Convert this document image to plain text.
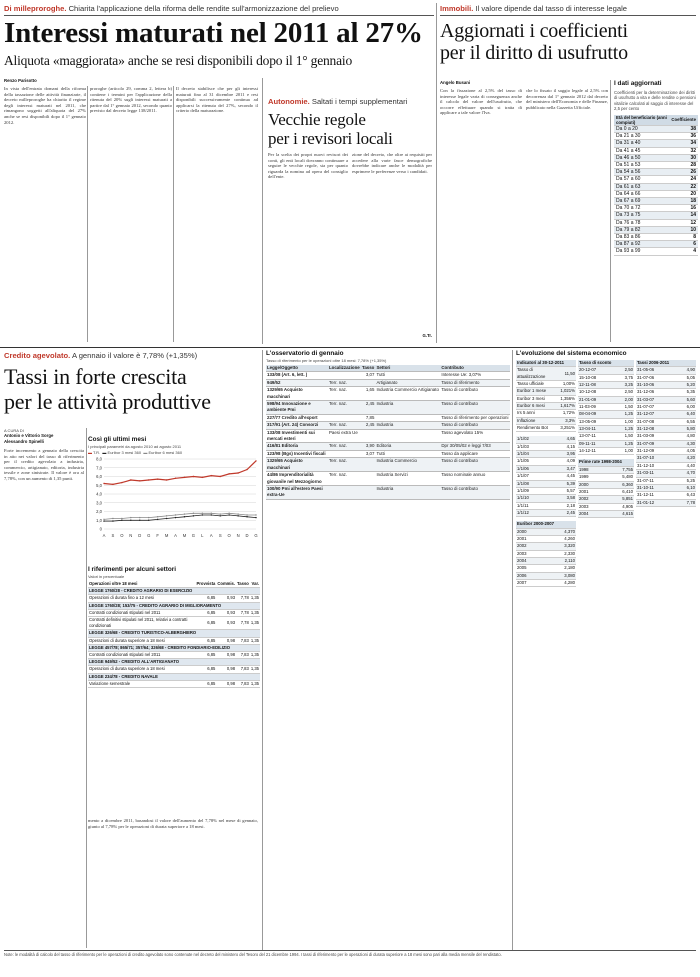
Di milleproroghe. Chiarita l'applicazione della riforma delle rendite sull'armonizzazione del prelievo
Interessi maturati nel 2011 al 27%
Aliquota «maggiorata» anche se resi disponibili dopo il 1° gennaio
Renzo Parisotto
In vista dell'entrata domani della riforma della tassazione delle attività finanziarie, il decreto milleproroghe ha chiarito il regime degli interessi maturati nel 2011, che rimangono soggetti all'aliquota del 27% anche se resi disponibili dopo il 1° gennaio 2012.
proroghe (articolo 29, comma 2, lettera b) contiene i termini per l'applicazione della ritenuta del 20% sugli interessi maturati a partire dal 1° gennaio 2012, secondo quanto previsto dal decreto legge 138/2011.
Il decreto stabilisce che per gli interessi maturati fino al 31 dicembre 2011 e resi disponibili successivamente continua ad applicarsi la ritenuta del 27%, secondo il criterio della maturazione.
Autonomie. Saltati i tempi supplementari
Vecchie regole
per i revisori locali
Per la scelta dei propri nuovi revisori dei conti, gli enti locali dovranno continuare a seguire le vecchie regole, sia per quanto riguarda la nomina ad opera del consiglio dell'ente.
zione del decreto, che oltre ai requisiti per accedere alla varie fasce demografiche dovrebbe indicare anche le modalità per esprimere le preferenze verso i candidati.
G.Tr.
Immobili. Il valore dipende dal tasso di interesse legale
Aggiornati i coefficienti
per il diritto di usufrutto
Angelo Busani
Con la fissazione al 2,5% del tasso di interesse legale varia di conseguenza anche il calcolo del valore dell'usufrutto, che occorre effettuare quando si tratta di applicare a tale valore l'Iva.
che lo fissato il saggio legale al 2,5% con decorrenza dal 1° gennaio 2012 dal decreto del ministero dell'Economia e delle Finanze, pubblicato nella Gazzetta Ufficiale.
I dati aggiornati
Coefficienti per la determinazione dei diritti di usufrutto a vita e delle rendite o pensioni vitalizie calcolati al saggio di interesse del 2,5 per cento
Età del beneficiario (anni compiuti)	Coefficiente
Da 0 a 20	38
Da 21 a 30	36
Da 31 a 40	34
Da 41 a 45	32
Da 46 a 50	30
Da 51 a 53	28
Da 54 a 56	26
Da 57 a 60	24
Da 61 a 63	22
Da 64 a 66	20
Da 67 a 69	18
Da 70 a 72	16
Da 73 a 75	14
Da 76 a 78	12
Da 79 a 82	10
Da 83 a 86	8
Da 87 a 92	6
Da 93 a 99	4
Credito agevolato. A gennaio il valore è 7,78% (+1,35%)
Tassi in forte crescita
per le attività produttive
A CURA DI
Antonio e Vittorio Sorge
Alessandro Spinelli
Forte incremento a gennaio della crescita in atto nei valori del tasso di riferimento per il credito agevolato a industria, commercio, artigianato, editoria, industria tessile e zone sinistrate. Il valore è ora al 7,78%, con un aumento di 1,35 punti.
mento a dicembre 2011, basandosi il valore dell'aumento del 7,78% nel mese di gennaio, giunto al 7,78% per le operazioni di durata superiore a 18 mesi.
Così gli ultimi mesi
I principali parametri da agosto 2010 ad agosto 2011
▬ T.R. ▬ Euribor 3 mesi 360 ▬ Euribor 6 mesi 360
0
1,0
2,0
3,0
4,0
5,0
6,0
7,0
8,0
A S O N D G F M A M G L A S O N D G
I riferimenti per alcuni settori
Valori in percentuale
Operazioni oltre 18 mesi	Provvista	Commis.	Tasso	Var.
LEGGE 1760/28 - CREDITO AGRARIO DI ESERCIZIO				
Operazioni di durata fino a 12 mesi	6,85	0,93	7,78	1,35
LEGGE 1760/28; 153/75 - CREDITO AGRARIO DI MIGLIORAMENTO				
Contratti condizionati stipulati nel 2011	6,85	0,93	7,78	1,35
Contratti definitivi stipulati nel 2011, relativi a contratti condizionati	6,85	0,93	7,78	1,35
LEGGE 326/68 - CREDITO TURISTICO-ALBERGHIERO				
Operazioni di durata superiore a 18 mesi	6,85	0,98	7,83	1,35
LEGGE 457/78; 865/71; 357/64; 326/68 - CREDITO FONDIARIO-EDILIZIO				
Contratti condizionati stipulati nel 2011	6,85	0,98	7,83	1,35
LEGGE 949/52 - CREDITO ALL'ARTIGIANATO				
Operazioni di durata superiore a 18 mesi	6,85	0,98	7,83	1,35
LEGGE 234/78 - CREDITO NAVALE				
Variazione semestrale	6,85	0,98	7,83	1,35
L'osservatorio di gennaio
Tasso di riferimento per le operazioni oltre 18 mesi: 7,78% (+1,35%)
Legge/Oggetto	Localizzazione	Tasso	Settori	Contributo
133/08 (Art. 6, lett. )		3,07	Tutti	Interesse Ue: 3,07%
949/52	Terr. naz.		Artigianato	Tasso di riferimento
1329/65 Acquisto macchinari	Terr. naz.	1,65	Industria Commercio Artigianato	Tasso di contributo
598/94 Innovazione e ambiente Pmi	Terr. naz.	2,45	Industria	Tasso di contributo
227/77 Credito all'export		7,85		Tasso di riferimento per operazioni
317/91 (Art. 24) Consorzi	Terr. naz.	2,45	Industria	Tasso di contributo
133/08 Investimenti sui mercati esteri	Paesi extra Ue			Tasso agevolato 15%
416/81 Editoria	Terr. naz.	3,90	Editoria	Dpr 30/05/02 e leggi 7/03
123/98 (Bgs) Incentivi fiscali		3,07	Tutti	Tasso da applicare
1329/65 Acquisto macchinari	Terr. naz.		Industria Commercio	Tasso di contributo
44/86 Imprenditorialità giovanile nel Mezzogiorno	Terr. naz.		Industria Servizi	Tasso nominale annuo
100/90 Pmi all'estero Paesi extra-Ue			Industria	Tasso di contributo
L'evoluzione del sistema economico
Indicatori al 30-12-2011	
Tasso di attualizzazione	11,50
Tasso ufficiale	1,00%
Euribor 1 mese	1,021%
Euribor 3 mesi	1,356%
Euribor 6 mesi	1,617%
Irs 5 anni	1,72%
Inflazione	3,3%
Rendimento Bot	3,251%
1/1/02	4,65
1/1/03	4,15
1/1/04	3,95
1/1/05	4,09
1/1/06	3,47
1/1/07	4,45
1/1/08	5,39
1/1/09	5,57
1/1/10	3,58
1/1/11	2,18
1/1/12	2,45
Euribor 2000-2007	
2000	4,370
2001	4,260
2002	3,320
2003	2,330
2004	2,110
2005	2,180
2006	3,080
2007	4,280
Tasso di sconto	
20-12-07	2,50
15-10-08	3,75
12-11-08	3,25
10-12-08	2,50
21-01-09	2,00
11-03-09	1,50
08-04-09	1,25
13-05-09	1,00
13-04-11	1,25
13-07-11	1,50
09-11-11	1,25
14-12-11	1,00
Prime rate 1998-2004	
1998	7,755
1999	5,480
2000	6,360
2001	6,410
2002	5,851
2003	4,905
2004	4,615
Tassi 2006-2011	
31-05-06	4,90
31-07-06	5,05
31-10-06	5,20
31-12-06	5,35
31-03-07	5,60
31-07-07	6,00
31-12-07	6,40
31-07-08	6,55
31-12-08	5,80
31-03-09	4,80
31-07-09	4,30
31-12-09	4,05
31-07-10	4,20
31-12-10	4,40
31-03-11	4,70
31-07-11	5,25
31-10-11	6,10
31-12-11	6,43
31-01-12	7,78
Note: le modalità di calcolo del tasso di riferimento per le operazioni di credito agevolato sono contenute nel decreto del ministero del Tesoro del 21 dicembre 1994. I tassi di riferimento per le operazioni di durata superiore a 18 mesi sono pari alla media mensile del rendistato.
